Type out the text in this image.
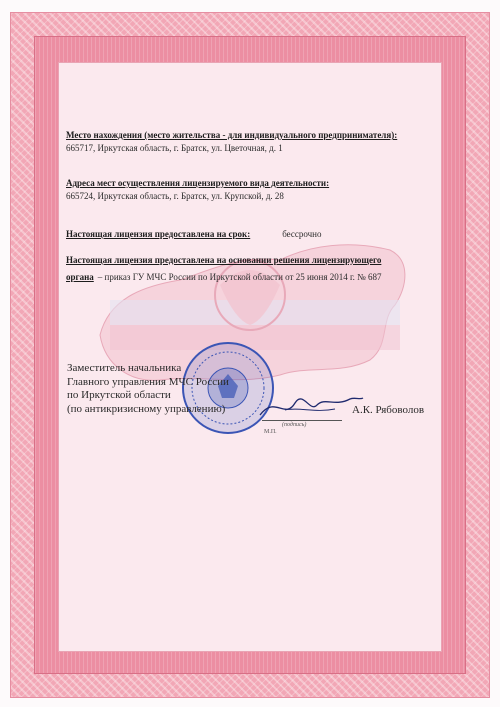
Место нахождения (место жительства - для индивидуального предпринимателя):
665717, Иркутская область, г. Братск, ул. Цветочная, д. 1
Адреса мест осуществления лицензируемого вида деятельности:
665724, Иркутская область, г. Братск, ул. Крупской, д. 28
Настоящая лицензия предоставлена на срок:	бессрочно
Настоящая лицензия предоставлена на основании решения лицензирующего
органа – приказ ГУ МЧС России по Иркутской области от 25 июня 2014 г. № 687
Заместитель начальника
Главного управления МЧС России
по Иркутской области
(по антикризисному управлению)
(подпись)
М.П.
А.К. Рябоволов
